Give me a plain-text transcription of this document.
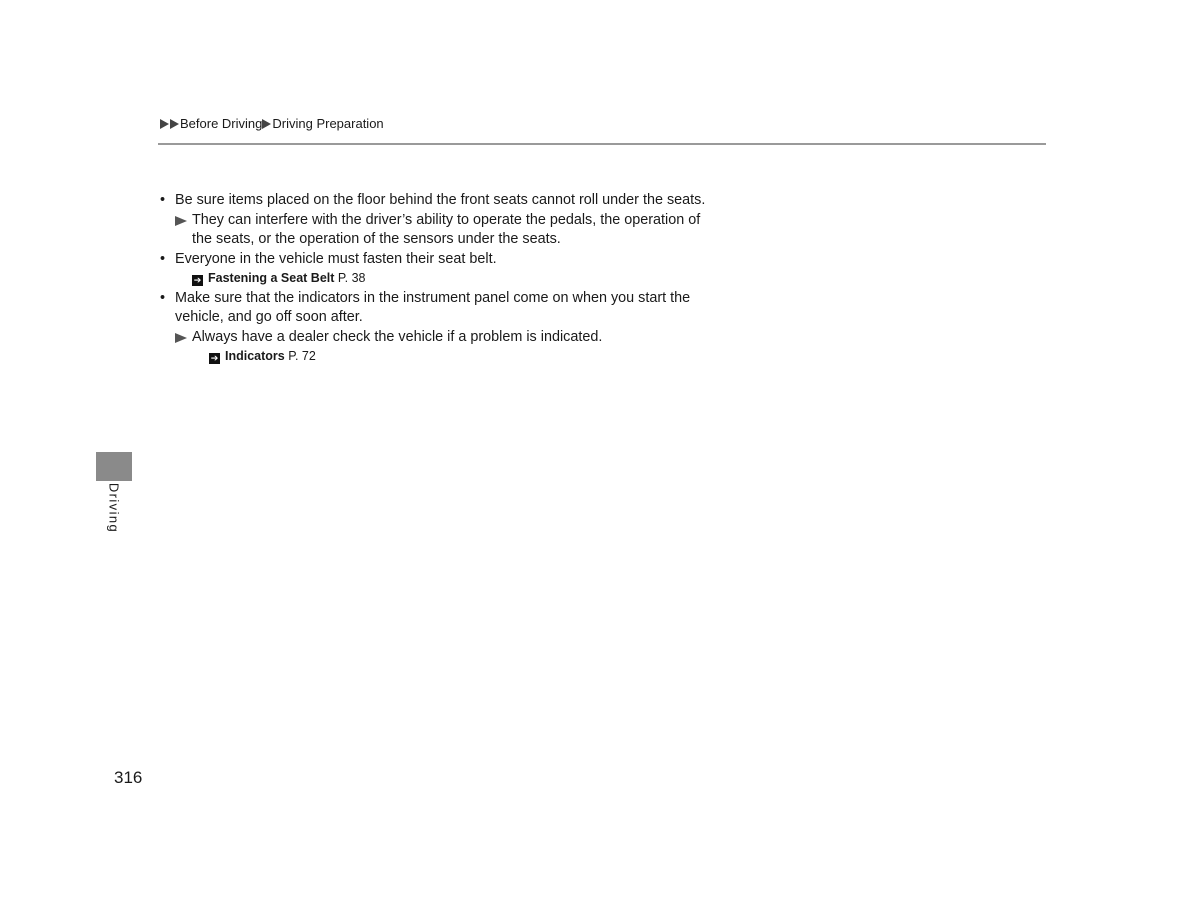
Before Driving Driving Preparation
• Be sure items placed on the floor behind the front seats cannot roll under the seats.
They can interfere with the driver’s ability to operate the pedals, the operation of the seats, or the operation of the sensors under the seats.
• Everyone in the vehicle must fasten their seat belt.
➔ Fastening a Seat Belt P. 38
• Make sure that the indicators in the instrument panel come on when you start the vehicle, and go off soon after.
Always have a dealer check the vehicle if a problem is indicated.
➔ Indicators P. 72
Driving
316
